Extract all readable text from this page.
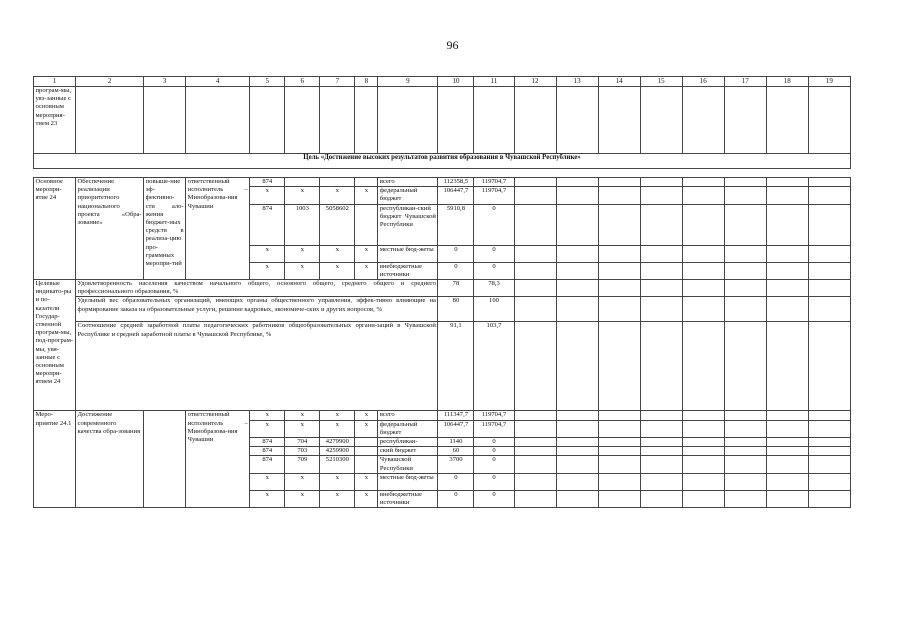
96
1	2	3	4	5	6	7	8	9	10	11	12	13	14	15	16	17	18	19
програм-мы, уяз-занные с основным мероприя-тием 23																		
Цель «Достижение высоких результатов развития образования в Чувашской Республике»																		

Основное меропри-ятие 24	Обеспечение реализации приоритетного национального проекта «Обра-зование»	повыше-ние эф-фективно-сти ало-жения бюджет-ных средств в реализа-цию про-граммных меропри-тий	ответственный исполнитель – Минобразова-ния Чувашии	874				всего	112358,5	119704,7								
				x	x	x	x	федеральный бюджет	106447,7	119704,7								
				874	1003	5058602		республикан-ский бюджет Чувашской Республики	5910,8	0								
				x	x	x	x	местные бюд-жеты	0	0								
				x	x	x	x	внебюджетные источники	0	0								
Целевые индикато-ры и по-казатели Государ-ственной програм-мы, под-програм-мы, увя-занные с основным меропри-ятием 24	Удовлетворенность населения качеством начального общего, основного общего, среднего общего и среднего профессионального образования, %								78	78,3								
	Удельный вес образовательных организаций, имеющих органы общественного управления, эффек-тивно влияющие на формирование заказа на образовательные услуги, решение кадровых, экономиче-ских и других вопросов, %								80	100								
	Соотношение средней заработной платы педагогических работников общеобразовательных органи-заций в Чувашской Республике и средней заработной платы в Чувашской Республике, %								91,1	103,7								
Меро-приятие 24.1	Достижение современного качества обра-зования		ответственный исполнитель – Минобразова-ния Чувашии	x	x	x	x	всего	111347,7	119704,7								
				x	x	x	x	федеральный бюджет	106447,7	119704,7								
				874	704	4279900		республикан-	1140	0								
				874	703	4259900		ский бюджет	60	0								
				874	709	5210300		Чувашской Республики	3700	0								
				x	x	x	x	местные бюд-жеты	0	0								
				x	x	x	x	внебюджетные источники	0	0								
